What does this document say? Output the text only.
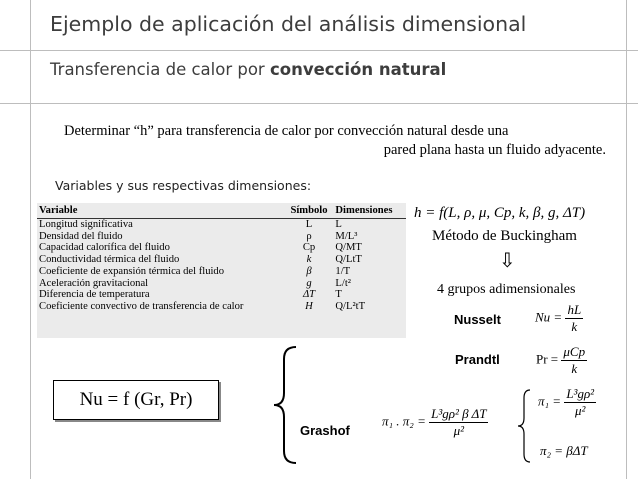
Ejemplo de aplicación del análisis dimensional
Transferencia de calor por convección natural
Determinar “h” para transferencia de calor por convección natural desde una
pared plana hasta un fluido adyacente.
Variables y sus respectivas dimensiones:
Variable	Símbolo	Dimensiones
Longitud significativa	L	L
Densidad del fluido	ρ	M/L³
Capacidad calorífica del fluido	Cp	Q/MT
Conductividad térmica del fluido	k	Q/LtT
Coeficiente de expansión térmica del fluido	β	1/T
Aceleración gravitacional	g	L/t²
Diferencia de temperatura	ΔT	T
Coeficiente convectivo de transferencia de calor	H	Q/L²tT
h = f(L, ρ, μ, Cp, k, β, g, ΔT)
Método de Buckingham
⇩
4 grupos adimensionales
Nusselt	$Nu = \frac{hL}{k}$
Prandtl	$Pr = \frac{\text{μCp}}{k}$
Grashof
π₁ . $\pi_2 = \frac{\text{L³gρ² β ΔT}}{\text{μ²}}$
$\pi_1 = \frac{\text{L³gρ²}}{\text{μ²}}$
π₂ = βΔT
Nu = f (Gr, Pr)
